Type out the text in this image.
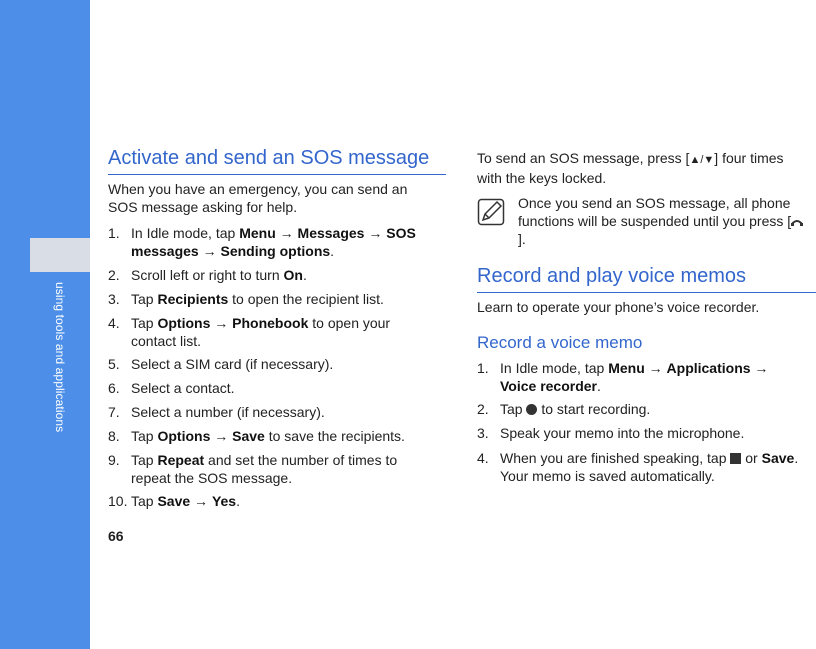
using tools and applications
66
Activate and send an SOS message
When you have an emergency, you can send an SOS message asking for help.
1. In Idle mode, tap Menu → Messages → SOS messages → Sending options.
2. Scroll left or right to turn On.
3. Tap Recipients to open the recipient list.
4. Tap Options → Phonebook to open your contact list.
5. Select a SIM card (if necessary).
6. Select a contact.
7. Select a number (if necessary).
8. Tap Options → Save to save the recipients.
9. Tap Repeat and set the number of times to repeat the SOS message.
10. Tap Save → Yes.
To send an SOS message, press [▲/▼] four times with the keys locked.
Once you send an SOS message, all phone functions will be suspended until you press [].
Record and play voice memos
Learn to operate your phone’s voice recorder.
Record a voice memo
1. In Idle mode, tap Menu → Applications → Voice recorder.
2. Tap  to start recording.
3. Speak your memo into the microphone.
4. When you are finished speaking, tap  or Save.
Your memo is saved automatically.
